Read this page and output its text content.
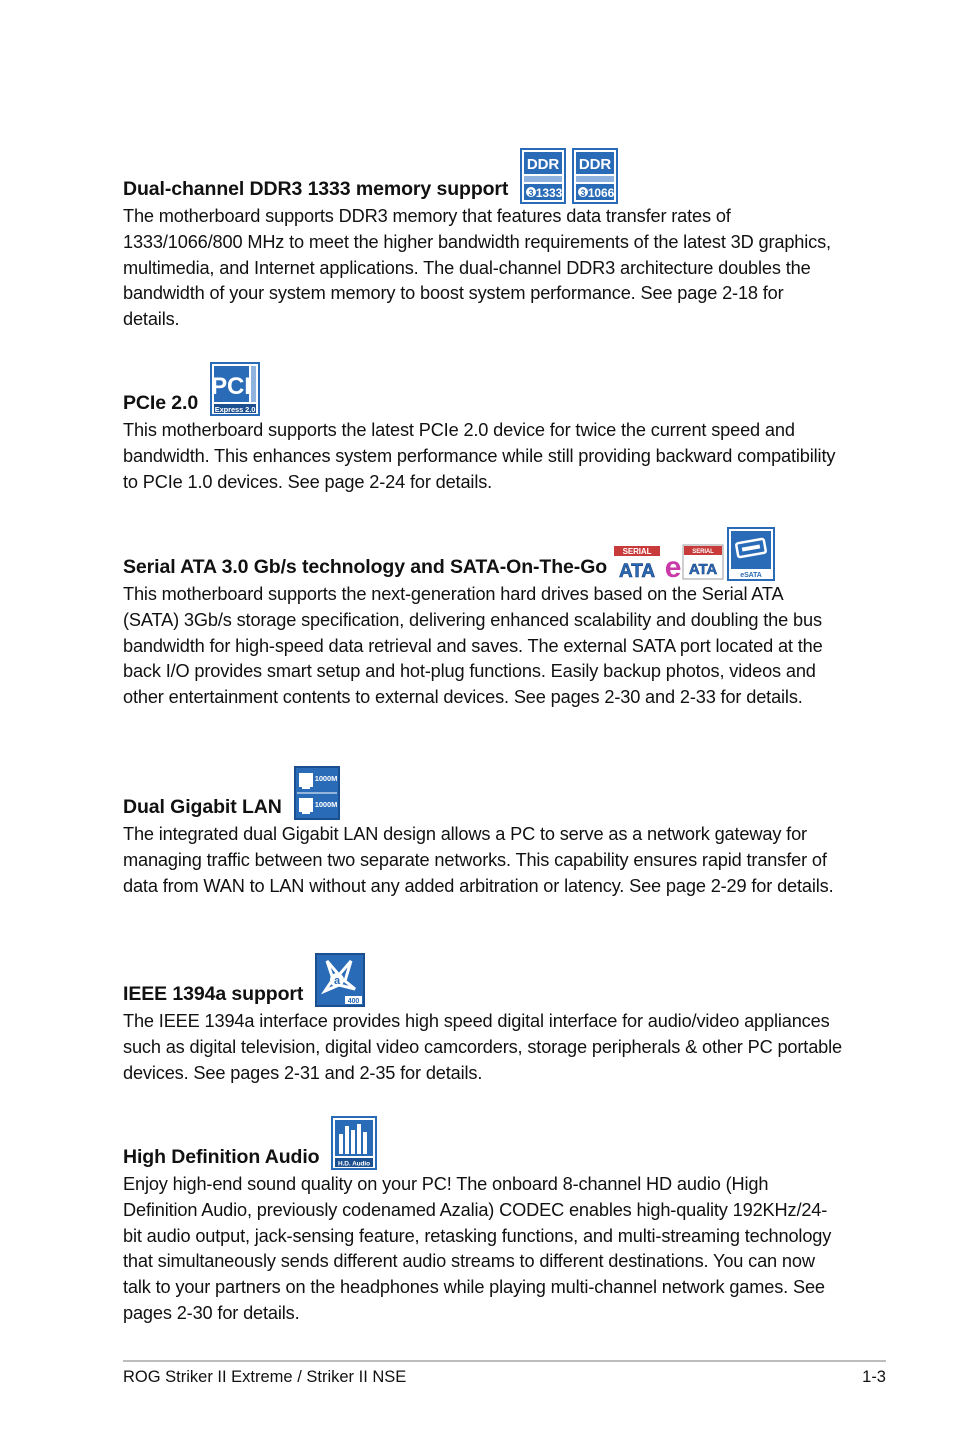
Dual-channel DDR3 1333 memory support
DDR
3 1333
DDR
3 1066
The motherboard supports DDR3 memory that features data transfer rates of 1333/1066/800 MHz to meet the higher bandwidth requirements of the latest 3D graphics, multimedia, and Internet applications. The dual-channel DDR3 architecture doubles the bandwidth of your system memory to boost system performance. See page 2-18 for details.
PCIe 2.0
PCI
Express 2.0
This motherboard supports the latest PCIe 2.0 device for twice the current speed and bandwidth. This enhances system performance while still providing backward compatibility to PCIe 1.0 devices. See page 2-24 for details.
Serial ATA 3.0 Gb/s technology and SATA-On-The-Go
SERIAL
ATA e SERIAL
ATA	eSATA
This motherboard supports the next-generation hard drives based on the Serial ATA (SATA) 3Gb/s storage specification, delivering enhanced scalability and doubling the bus bandwidth for high-speed data retrieval and saves. The external SATA port located at the back I/O provides smart setup and hot-plug functions. Easily backup photos, videos and other entertainment contents to external devices. See pages 2-30 and 2-33 for details.
Dual Gigabit LAN
1000M
1000M
The integrated dual Gigabit LAN design allows a PC to serve as a network gateway for managing traffic between two separate networks. This capability ensures rapid transfer of data from WAN to LAN without any added arbitration or latency. See page 2-29 for details.
IEEE 1394a support
a
400
The IEEE 1394a interface provides high speed digital interface for audio/video appliances such as digital television, digital video camcorders, storage peripherals & other PC portable devices. See pages 2-31 and 2-35 for details.
High Definition Audio	H.D. Audio
Enjoy high-end sound quality on your PC! The onboard 8-channel HD audio (High Definition Audio, previously codenamed Azalia) CODEC enables high-quality 192KHz/24-bit audio output, jack-sensing feature, retasking functions, and multi-streaming technology that simultaneously sends different audio streams to different destinations. You can now talk to your partners on the headphones while playing multi-channel network games. See pages 2-30 for details.
ROG Striker II Extreme / Striker II NSE	1-3
